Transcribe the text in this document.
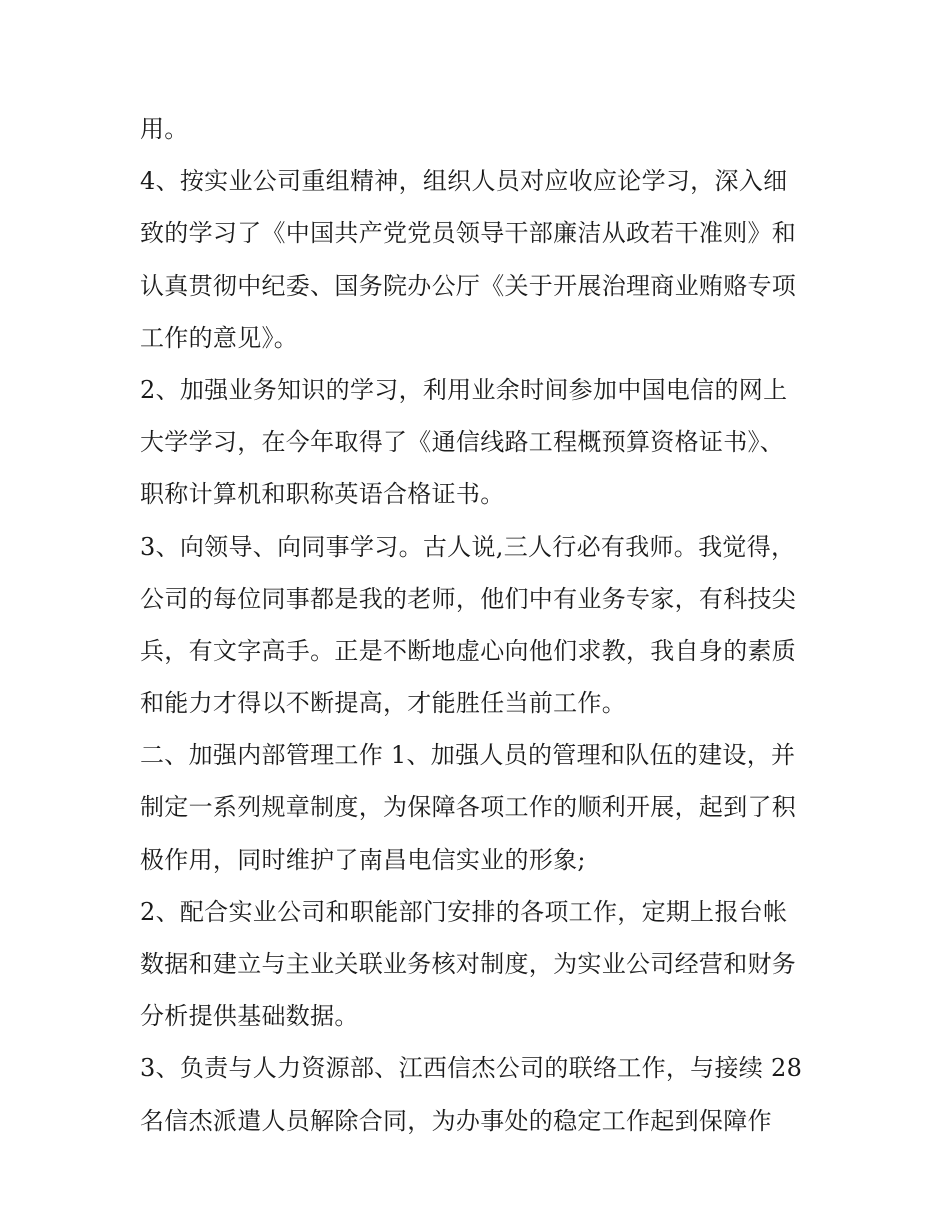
用。
4、按实业公司重组精神，组织人员对应收应论学习，深入细
致的学习了《中国共产党党员领导干部廉洁从政若干准则》和
认真贯彻中纪委、国务院办公厅《关于开展治理商业贿赂专项
工作的意见》。
2、加强业务知识的学习，利用业余时间参加中国电信的网上
大学学习，在今年取得了《通信线路工程概预算资格证书》、
职称计算机和职称英语合格证书。
3、向领导、向同事学习。古人说,三人行必有我师。我觉得，
公司的每位同事都是我的老师，他们中有业务专家，有科技尖
兵，有文字高手。正是不断地虚心向他们求教，我自身的素质
和能力才得以不断提高，才能胜任当前工作。
二、加强内部管理工作 1、加强人员的管理和队伍的建设，并
制定一系列规章制度，为保障各项工作的顺利开展，起到了积
极作用，同时维护了南昌电信实业的形象;
2、配合实业公司和职能部门安排的各项工作，定期上报台帐
数据和建立与主业关联业务核对制度，为实业公司经营和财务
分析提供基础数据。
3、负责与人力资源部、江西信杰公司的联络工作，与接续 28
名信杰派遣人员解除合同，为办事处的稳定工作起到保障作
